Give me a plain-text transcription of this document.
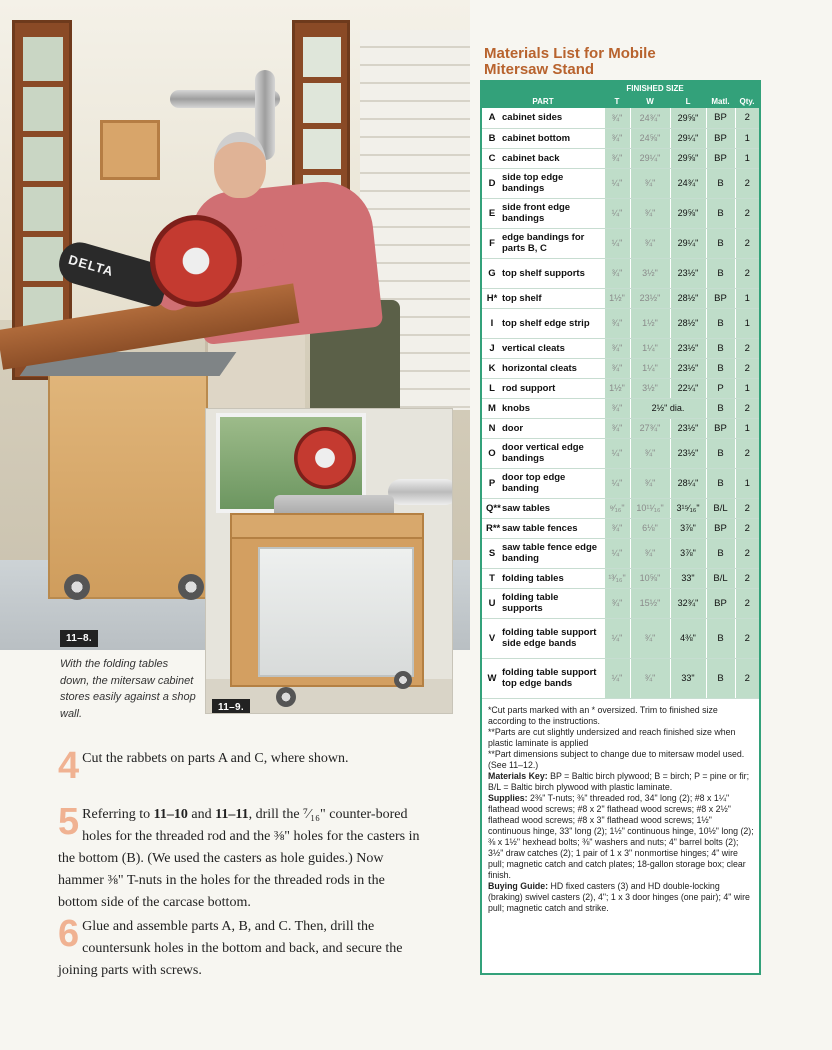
DELTA
11–8.
11–9.

With the folding tables down, the mitersaw cabinet stores easily against a shop wall.

4 Cut the rabbets on parts A and C, where shown.
5 Referring to 11–10 and 11–11, drill the ⁷⁄₁₆" counter-bored holes for the threaded rod and the ⅜" holes for the casters in the bottom (B). (We used the casters as hole guides.) Now hammer ⅜" T-nuts in the holes for the threaded rods in the bottom side of the carcase bottom.
6 Glue and assemble parts A, B, and C. Then, drill the countersunk holes in the bottom and back, and secure the joining parts with screws.
Materials List for Mobile
Mitersaw Stand
		FINISHED SIZE				
PART		T	W	L	Matl.	Qty.
A	cabinet sides	¾"	24¾"	29⅝"	BP	2
B	cabinet bottom	¾"	24⅝"	29¼"	BP	1
C	cabinet back	¾"	29¼"	29⅝"	BP	1
D	side top edge bandings	¼"	¾"	24¾"	B	2
E	side front edge bandings	¼"	¾"	29⅝"	B	2
F	edge bandings for parts B, C	¼"	¾"	29¼"	B	2
G	top shelf supports	¾"	3½"	23½"	B	2
H*	top shelf	1½"	23½"	28½"	BP	1
I	top shelf edge strip	¾"	1½"	28½"	B	1
J	vertical cleats	¾"	1¼"	23½"	B	2
K	horizontal cleats	¾"	1¼"	23½"	B	2
L	rod support	1½"	3½"	22¼"	P	1
M	knobs	¾"	2½" dia.		B	2
N	door	¾"	27¾"	23½"	BP	1
O	door vertical edge bandings	¼"	¾"	23½"	B	2
P	door top edge banding	¼"	¾"	28¼"	B	1
Q**	saw tables	⁹⁄₁₆"	10¹¹⁄₁₆"	3¹⁵⁄₁₆"	B/L	2
R**	saw table fences	¾"	6⅛"	3⅞"	BP	2
S	saw table fence edge banding	¼"	¾"	3⅞"	B	2
T	folding tables	¹³⁄₁₆"	10⅝"	33"	B/L	2
U	folding table supports	¾"	15½"	32¾"	BP	2
V	folding table support side edge bands	¼"	¾"	4⅜"	B	2
W	folding table support top edge bands	¼"	¾"	33"	B	2

*Cut parts marked with an * oversized. Trim to finished size according to the instructions.

**Parts are cut slightly undersized and reach finished size when plastic laminate is applied

**Part dimensions subject to change due to mitersaw model used. (See 11–12.)

Materials Key: BP = Baltic birch plywood; B = birch; P = pine or fir; B/L = Baltic birch plywood with plastic laminate.

Supplies: 2⅜" T-nuts; ⅜" threaded rod, 34" long (2); #8 x 1¼" flathead wood screws; #8 x 2" flathead wood screws; #8 x 2½" flathead wood screws; #8 x 3" flathead wood screws; 1½" continuous hinge, 33" long (2); 1½" continuous hinge, 10½" long (2); ⅜ x 1½" hexhead bolts; ⅜" washers and nuts; 4" barrel bolts (2); 3½" draw catches (2); 1 pair of 1 x 3" nonmortise hinges; 4" wire pull; magnetic catch and catch plates; 18-gallon storage box; clear finish.

Buying Guide: HD fixed casters (3) and HD double-locking (braking) swivel casters (2), 4"; 1 x 3 door hinges (one pair); 4" wire pull; magnetic catch and strike.
